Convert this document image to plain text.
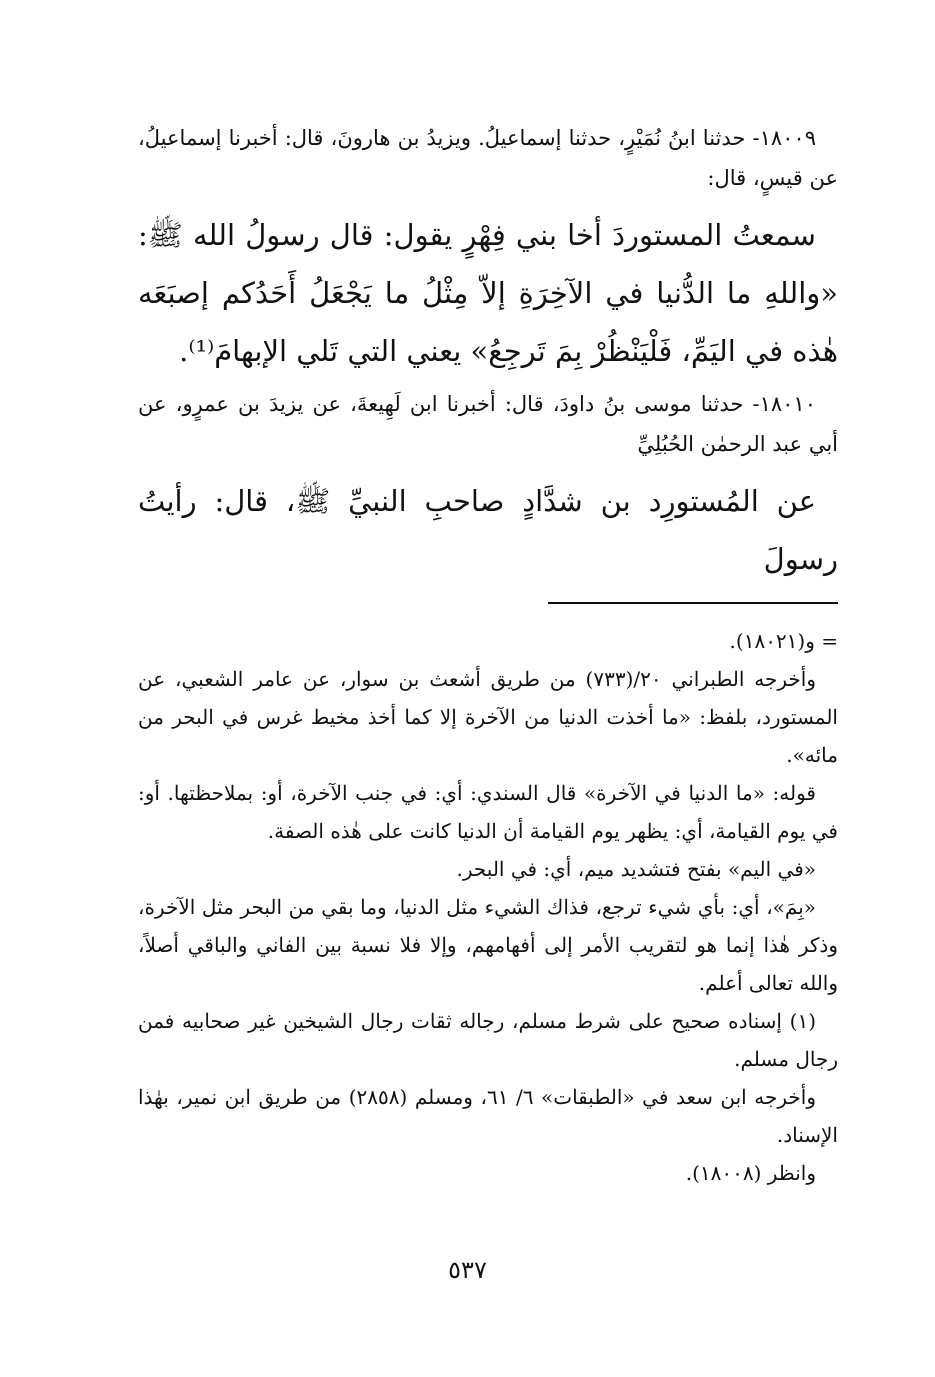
١٨٠٠٩- حدثنا ابنُ نُمَيْرٍ، حدثنا إسماعيلُ. ويزيدُ بن هارونَ، قال: أخبرنا إسماعيلُ، عن قيسٍ، قال:

سمعتُ المستوردَ أخا بني فِهْرٍ يقول: قال رسولُ الله ﷺ: «واللهِ ما الدُّنيا في الآخِرَةِ إلاّ مِثْلُ ما يَجْعَلُ أَحَدُكم إصبَعَه هٰذه في اليَمِّ، فَلْيَنْظُرْ بِمَ تَرجِعُ» يعني التي تَلي الإبهامَ⁽¹⁾.

١٨٠١٠- حدثنا موسى بنُ داودَ، قال: أخبرنا ابن لَهِيعةَ، عن يزيدَ بن عمرٍو، عن أبي عبد الرحمٰن الحُبُلِيِّ

عن المُستورِد بن شدَّادٍ صاحبِ النبيِّ ﷺ، قال: رأيتُ رسولَ

= و(١٨٠٢١).

وأخرجه الطبراني ٢٠/(٧٣٣) من طريق أشعث بن سوار، عن عامر الشعبي، عن المستورد، بلفظ: «ما أخذت الدنيا من الآخرة إلا كما أخذ مخيط غرس في البحر من مائه».

قوله: «ما الدنيا في الآخرة» قال السندي: أي: في جنب الآخرة، أو: بملاحظتها. أو: في يوم القيامة، أي: يظهر يوم القيامة أن الدنيا كانت على هٰذه الصفة.

«في اليم» بفتح فتشديد ميم، أي: في البحر.

«بِمَ»، أي: بأي شيء ترجع، فذاك الشيء مثل الدنيا، وما بقي من البحر مثل الآخرة، وذكر هٰذا إنما هو لتقريب الأمر إلى أفهامهم، وإلا فلا نسبة بين الفاني والباقي أصلاً، والله تعالى أعلم.

(١) إسناده صحيح على شرط مسلم، رجاله ثقات رجال الشيخين غير صحابيه فمن رجال مسلم.

وأخرجه ابن سعد في «الطبقات» ٦/ ٦١، ومسلم (٢٨٥٨) من طريق ابن نمير، بهٰذا الإسناد.

وانظر (١٨٠٠٨).

٥٣٧
